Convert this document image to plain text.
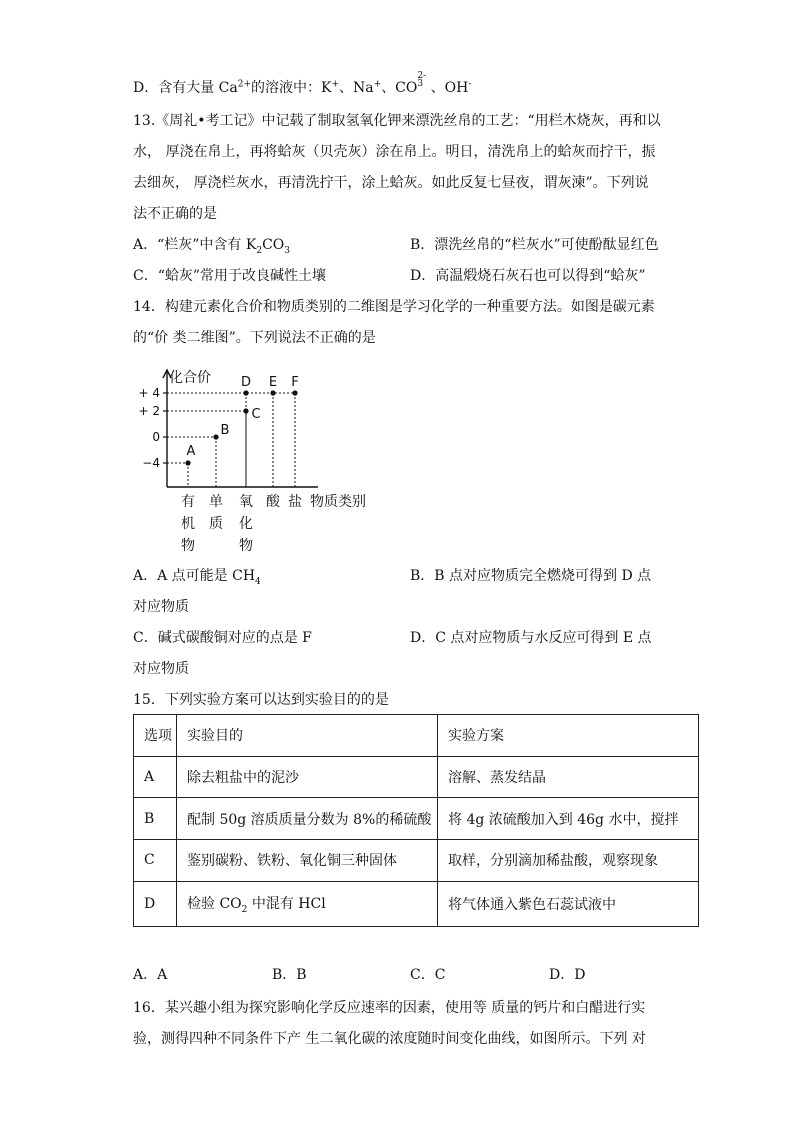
D．含有大量 $Ca^{2+}$的溶液中：K+、Na+、CO$^{2- 3}$ 、OH-
13.《周礼•考工记》中记载了制取氢氧化钾来漂洗丝帛的工艺：“用栏木烧灰，再和以
水， 厚浇在帛上，再将蛤灰（贝壳灰）涂在帛上。明日，清洗帛上的蛤灰而拧干，振
去细灰， 厚浇栏灰水，再清洗拧干，涂上蛤灰。如此反复七昼夜，谓灰湅”。下列说
法不正确的是
A．“栏灰”中含有 $K_2CO_3$	B．漂洗丝帛的“栏灰水”可使酚酞显红色
C．“蛤灰”常用于改良碱性土壤	D．高温煅烧石灰石也可以得到“蛤灰”
14．构建元素化合价和物质类别的二维图是学习化学的一种重要方法。如图是碳元素
的“价 类二维图”。下列说法不正确的是
化合价
物质类别
+ 4
+ 2
0
−4
A
B
C
D E F
有
机
物
单
质
氧
化
物
酸 盐
A．A 点可能是 $CH_4$	B．B 点对应物质完全燃烧可得到 D 点
对应物质
C．碱式碳酸铜对应的点是 F	D．C 点对应物质与水反应可得到 E 点
对应物质
15．下列实验方案可以达到实验目的的是
选项	实验目的	实验方案
A	除去粗盐中的泥沙	溶解、蒸发结晶
B	配制 50g 溶质质量分数为 8%的稀硫酸	将 4g 浓硫酸加入到 46g 水中，搅拌
C	鉴别碳粉、铁粉、氧化铜三种固体	取样，分别滴加稀盐酸，观察现象
D	检验 $CO_2$ 中混有 HCl	将气体通入紫色石蕊试液中
A．A	B．B	C．C	D．D
16．某兴趣小组为探究影响化学反应速率的因素，使用等 质量的钙片和白醋进行实
验，测得四种不同条件下产 生二氧化碳的浓度随时间变化曲线，如图所示。下列 对
